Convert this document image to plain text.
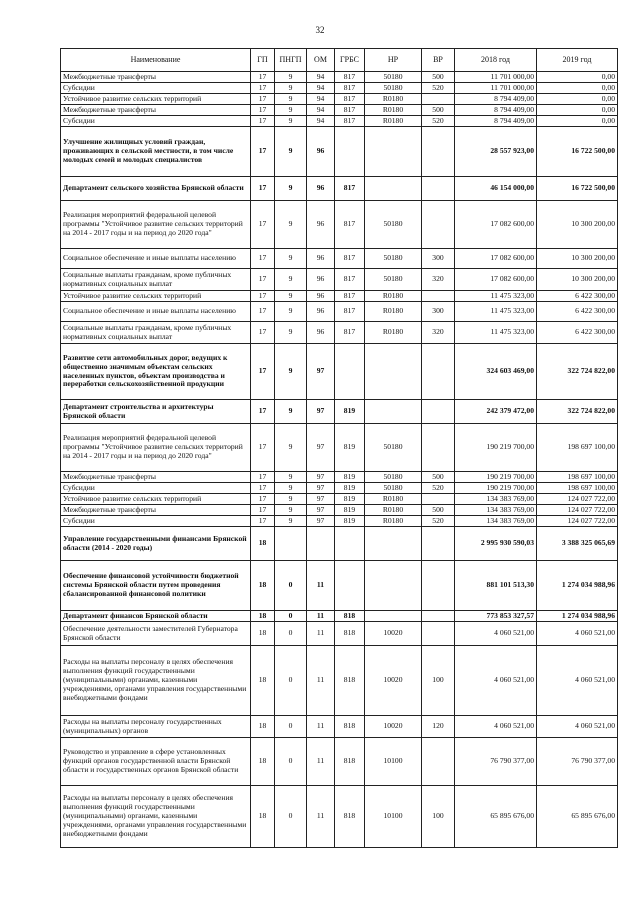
32
Наименование	ГП	ПНГП	ОМ	ГРБС	НР	ВР	2018 год	2019 год
Межбюджетные трансферты	17	9	94	817	50180	500	11 701 000,00	0,00
Субсидии	17	9	94	817	50180	520	11 701 000,00	0,00
Устойчивое развитие сельских территорий	17	9	94	817	R0180		8 794 409,00	0,00
Межбюджетные трансферты	17	9	94	817	R0180	500	8 794 409,00	0,00
Субсидии	17	9	94	817	R0180	520	8 794 409,00	0,00
Улучшение жилищных условий граждан, проживающих в сельской местности, в том числе молодых семей и молодых специалистов	17	9	96				28 557 923,00	16 722 500,00
Департамент сельского хозяйства Брянской области	17	9	96	817			46 154 000,00	16 722 500,00
Реализация мероприятий федеральной целевой программы "Устойчивое развитие сельских территорий на 2014 - 2017 годы и на период до 2020 года"	17	9	96	817	50180		17 082 600,00	10 300 200,00
Социальное обеспечение и иные выплаты населению	17	9	96	817	50180	300	17 082 600,00	10 300 200,00
Социальные выплаты гражданам, кроме публичных нормативных социальных выплат	17	9	96	817	50180	320	17 082 600,00	10 300 200,00
Устойчивое развитие сельских территорий	17	9	96	817	R0180		11 475 323,00	6 422 300,00
Социальное обеспечение и иные выплаты населению	17	9	96	817	R0180	300	11 475 323,00	6 422 300,00
Социальные выплаты гражданам, кроме публичных нормативных социальных выплат	17	9	96	817	R0180	320	11 475 323,00	6 422 300,00
Развитие сети автомобильных дорог, ведущих к общественно значимым объектам сельских населенных пунктов, объектам производства и переработки сельскохозяйственной продукции	17	9	97				324 603 469,00	322 724 822,00
Департамент строительства и архитектуры Брянской области	17	9	97	819			242 379 472,00	322 724 822,00
Реализация мероприятий федеральной целевой программы "Устойчивое развитие сельских территорий на 2014 - 2017 годы и на период до 2020 года"	17	9	97	819	50180		190 219 700,00	198 697 100,00
Межбюджетные трансферты	17	9	97	819	50180	500	190 219 700,00	198 697 100,00
Субсидии	17	9	97	819	50180	520	190 219 700,00	198 697 100,00
Устойчивое развитие сельских территорий	17	9	97	819	R0180		134 383 769,00	124 027 722,00
Межбюджетные трансферты	17	9	97	819	R0180	500	134 383 769,00	124 027 722,00
Субсидии	17	9	97	819	R0180	520	134 383 769,00	124 027 722,00
Управление государственными финансами Брянской области (2014 - 2020 годы)	18						2 995 930 590,03	3 388 325 065,69
Обеспечение финансовой устойчивости бюджетной системы Брянской области путем проведения сбалансированной финансовой политики	18	0	11				881 101 513,30	1 274 034 988,96
Департамент финансов Брянской области	18	0	11	818			773 853 327,57	1 274 034 988,96
Обеспечение деятельности заместителей Губернатора Брянской области	18	0	11	818	10020		4 060 521,00	4 060 521,00
Расходы на выплаты персоналу в целях обеспечения выполнения функций государственными (муниципальными) органами, казенными учреждениями, органами управления государственными внебюджетными фондами	18	0	11	818	10020	100	4 060 521,00	4 060 521,00
Расходы на выплаты персоналу государственных (муниципальных) органов	18	0	11	818	10020	120	4 060 521,00	4 060 521,00
Руководство и управление в сфере установленных функций органов государственной власти Брянской области и государственных органов Брянской области	18	0	11	818	10100		76 790 377,00	76 790 377,00
Расходы на выплаты персоналу в целях обеспечения выполнения функций государственными (муниципальными) органами, казенными учреждениями, органами управления государственными внебюджетными фондами	18	0	11	818	10100	100	65 895 676,00	65 895 676,00
